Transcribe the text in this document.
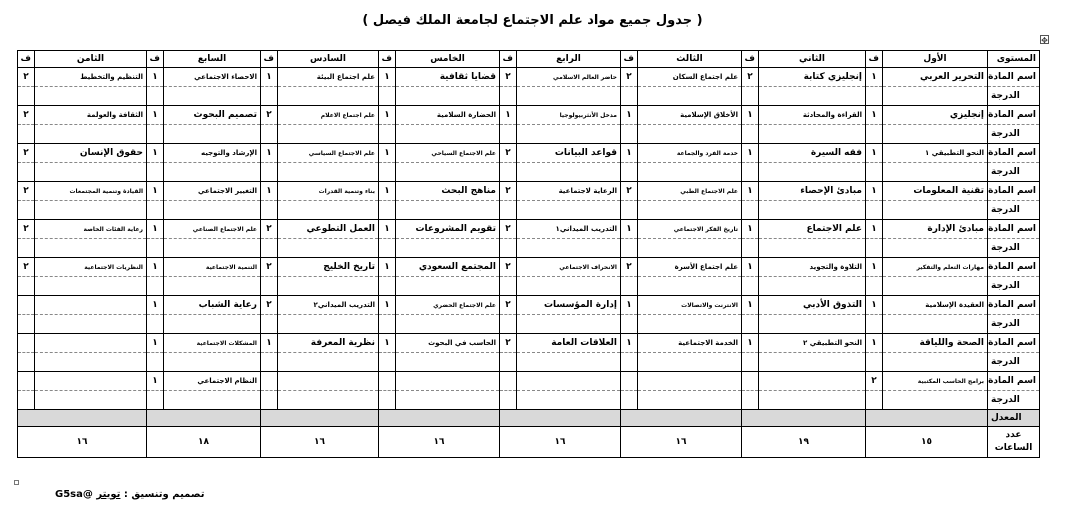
( جدول جميع مواد علم الاجتماع لجامعة الملك فيصل )
✥
المستوى	الأول	ف	الثاني	ف	الثالث	ف	الرابع	ف	الخامس	ف	السادس	ف	السابع	ف	الثامن	ف
اسم المادة	التحرير العربي	١	إنجليزي كتابة	٢	علم اجتماع السكان	٢	حاضر العالم الاسلامي	٢	قضايا ثقافية	١	علم اجتماع البيئة	١	الاحصاء الاجتماعي	١	التنظيم والتخطيط	٢
الدرجة																
اسم المادة	إنجليزي	١	القراءة والمحادثة	١	الأخلاق الإسلامية	١	مدخل الأنثربيولوجيا	١	الحضارة السلامية	١	علم اجتماع الاعلام	٢	تصميم البحوث	١	الثقافة والعولمة	٢
الدرجة																
اسم المادة	النحو التطبيقي ١	١	فقه السيرة	١	خدمة الفرد والجماعة	١	قواعد البيانات	٢	علم الاجتماع السياحي	١	علم الاجتماع السياسي	١	الإرشاد والتوجيه	١	حقوق الإنسان	٢
الدرجة																
اسم المادة	تقنية المعلومات	١	مبادئ الإحصاء	١	علم الاجتماع الطبي	٢	الرعاية لاجتماعية	٢	مناهج البحث	١	بناء وتنمية القدرات	١	التغيير الاجتماعي	١	القيادة وتنمية المجتمعات	٢
الدرجة																
اسم المادة	مبادئ الإدارة	١	علم الاجتماع	١	تاريخ الفكر الاجتماعي	١	التدريب الميداني١	٢	تقويم المشروعات	١	العمل التطوعي	٢	علم الاجتماع الصناعي	١	رعاية الفئات الخاصة	٢
الدرجة																
اسم المادة	مهارات التعلم والتفكير	١	التلاوة والتجويد	١	علم اجتماع الأسرة	٢	الانحراف الاجتماعي	٢	المجتمع السعودي	١	تاريخ الخليج	٢	التنمية الاجتماعية	١	النظريات الاجتماعية	٢
الدرجة																
اسم المادة	العقيدة الإسلامية	١	التذوق الأدبي	١	الانترنت والاتصالات	١	إدارة المؤسسات	٢	علم الاجتماع الحضري	١	التدريب الميداني٢	٢	رعاية الشباب	١		
الدرجة																
اسم المادة	الصحة واللياقة	١	النحو التطبيقي ٢	١	الخدمة الاجتماعية	١	العلاقات العامة	٢	الحاسب في البحوث	١	نظرية المعرفة	١	المشكلات الاجتماعية	١		
الدرجة																
اسم المادة	برامج الحاسب المكتبية	٢											النظام الاجتماعي	١		
الدرجة																
المعدل																
عدد الساعات	١٥		١٩		١٦		١٦		١٦		١٦		١٨		١٦	
تصميم وتنسيق : تويتر @G5sa
